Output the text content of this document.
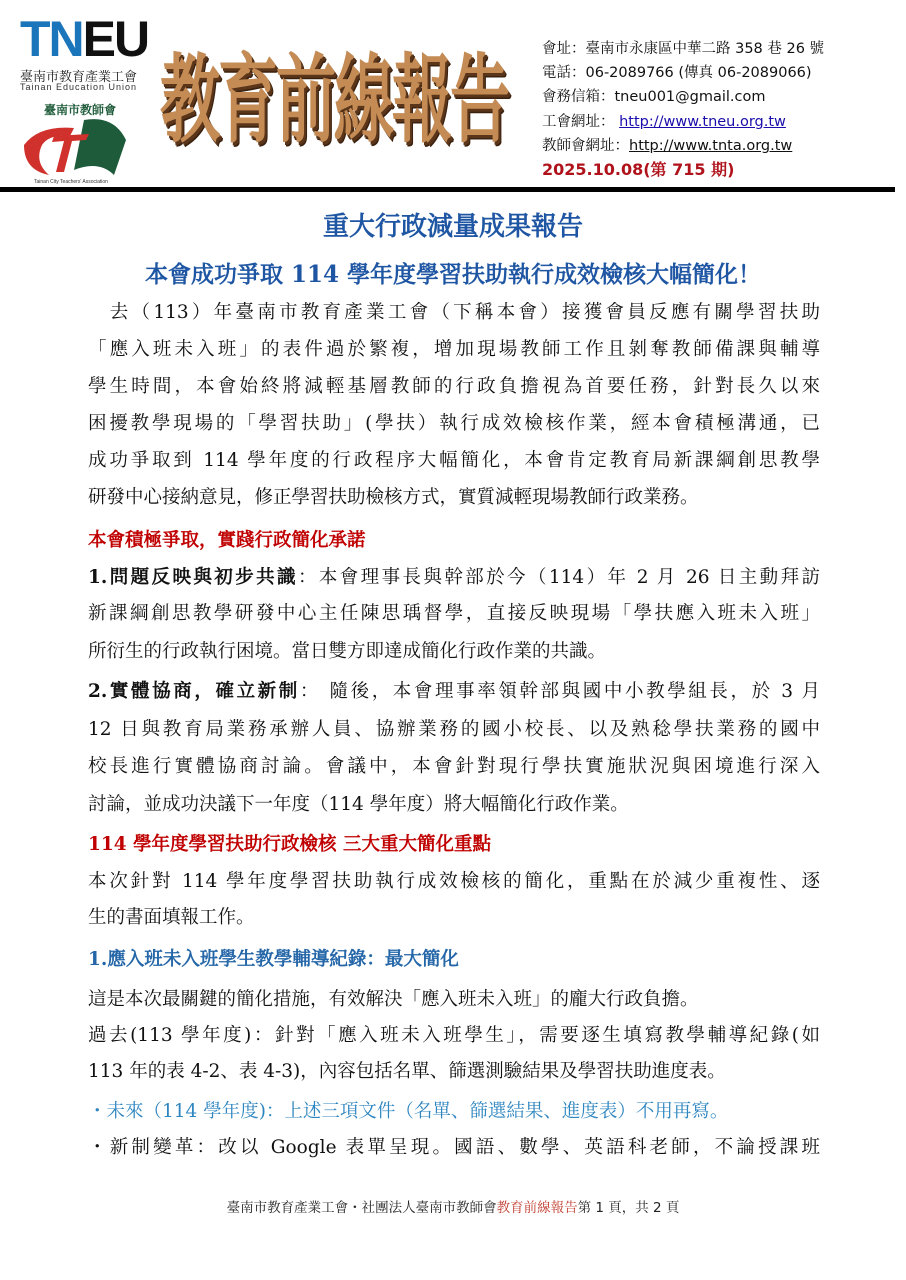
TNEU
臺南市教育產業工會
Tainan Education Union
臺南市教師會
Tainan City Teachers' Association
教育前線報告	會址：臺南市永康區中華二路 358 巷 26 號
電話：06-2089766 (傳真 06-2089066)
會務信箱：tneu001@gmail.com
工會網址： http://www.tneu.org.tw
教師會網址：http://www.tnta.org.tw
2025.10.08(第 715 期)
重大行政減量成果報告
本會成功爭取 114 學年度學習扶助執行成效檢核大幅簡化！
　去（113）年臺南市教育產業工會（下稱本會）接獲會員反應有關學習扶助
「應入班未入班」的表件過於繁複，增加現場教師工作且剝奪教師備課與輔導
學生時間，本會始終將減輕基層教師的行政負擔視為首要任務，針對長久以來
困擾教學現場的「學習扶助」(學扶）執行成效檢核作業，經本會積極溝通，已
成功爭取到 114 學年度的行政程序大幅簡化，本會肯定教育局新課綱創思教學
研發中心接納意見，修正學習扶助檢核方式，實質減輕現場教師行政業務。
本會積極爭取，實踐行政簡化承諾
1.問題反映與初步共識：本會理事長與幹部於今（114）年 2 月 26 日主動拜訪
新課綱創思教學研發中心主任陳思瑀督學，直接反映現場「學扶應入班未入班」
所衍生的行政執行困境。當日雙方即達成簡化行政作業的共識。
2.實體協商，確立新制： 隨後，本會理事率領幹部與國中小教學組長，於 3 月
12 日與教育局業務承辦人員、協辦業務的國小校長、以及熟稔學扶業務的國中
校長進行實體協商討論。會議中，本會針對現行學扶實施狀況與困境進行深入
討論，並成功決議下一年度（114 學年度）將大幅簡化行政作業。
114 學年度學習扶助行政檢核 三大重大簡化重點
本次針對 114 學年度學習扶助執行成效檢核的簡化，重點在於減少重複性、逐
生的書面填報工作。
1.應入班未入班學生教學輔導紀錄：最大簡化
這是本次最關鍵的簡化措施，有效解決「應入班未入班」的龐大行政負擔。
過去(113 學年度)：針對「應入班未入班學生」，需要逐生填寫教學輔導紀錄(如
113 年的表 4-2、表 4-3)，內容包括名單、篩選測驗結果及學習扶助進度表。
・未來（114 學年度)：上述三項文件（名單、篩選結果、進度表）不用再寫。
・新制變革：改以 Google 表單呈現。國語、數學、英語科老師，不論授課班
臺南市教育產業工會・社團法人臺南市教師會教育前線報告第 1 頁，共 2 頁
